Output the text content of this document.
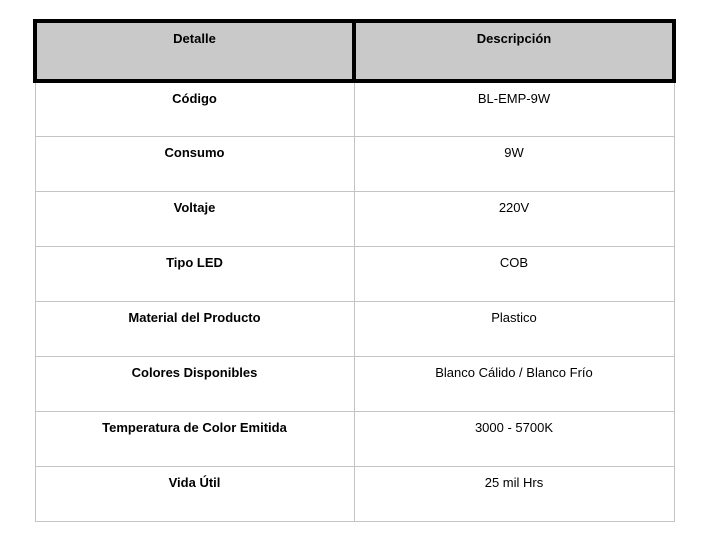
Detalle	Descripción
Código	BL-EMP-9W
Consumo	9W
Voltaje	220V
Tipo LED	COB
Material del Producto	Plastico
Colores Disponibles	Blanco Cálido / Blanco Frío
Temperatura de Color Emitida	3000 - 5700K
Vida Útil	25 mil Hrs
